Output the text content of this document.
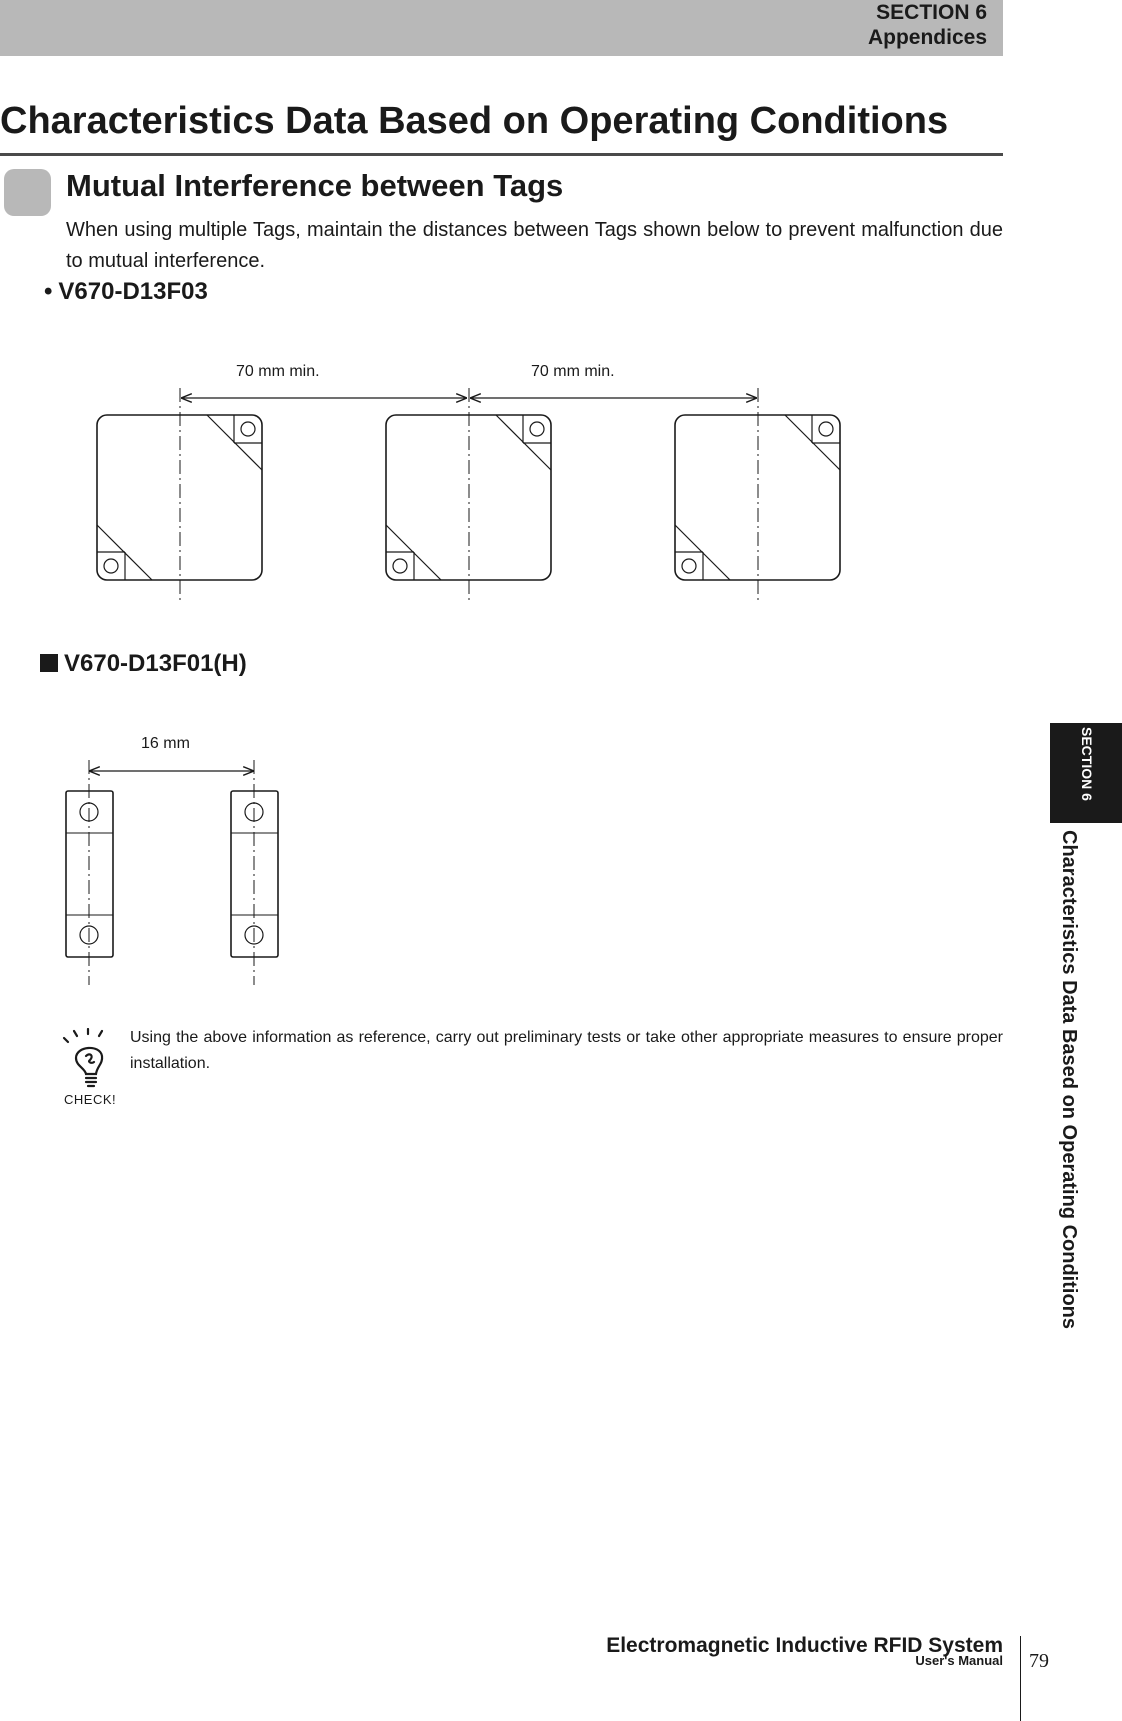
SECTION 6
Appendices
Characteristics Data Based on Operating Conditions
Mutual Interference between Tags
When using multiple Tags, maintain the distances between Tags shown below to prevent malfunction due to mutual interference.
• V670-D13F03
70 mm min.	70 mm min.
16 mm
V670-D13F01(H)
CHECK!
Using the above information as reference, carry out preliminary tests or take other appropriate measures to ensure proper installation.
SECTION 6
Characteristics Data Based on Operating Conditions
Electromagnetic Inductive RFID System
User's Manual 79
